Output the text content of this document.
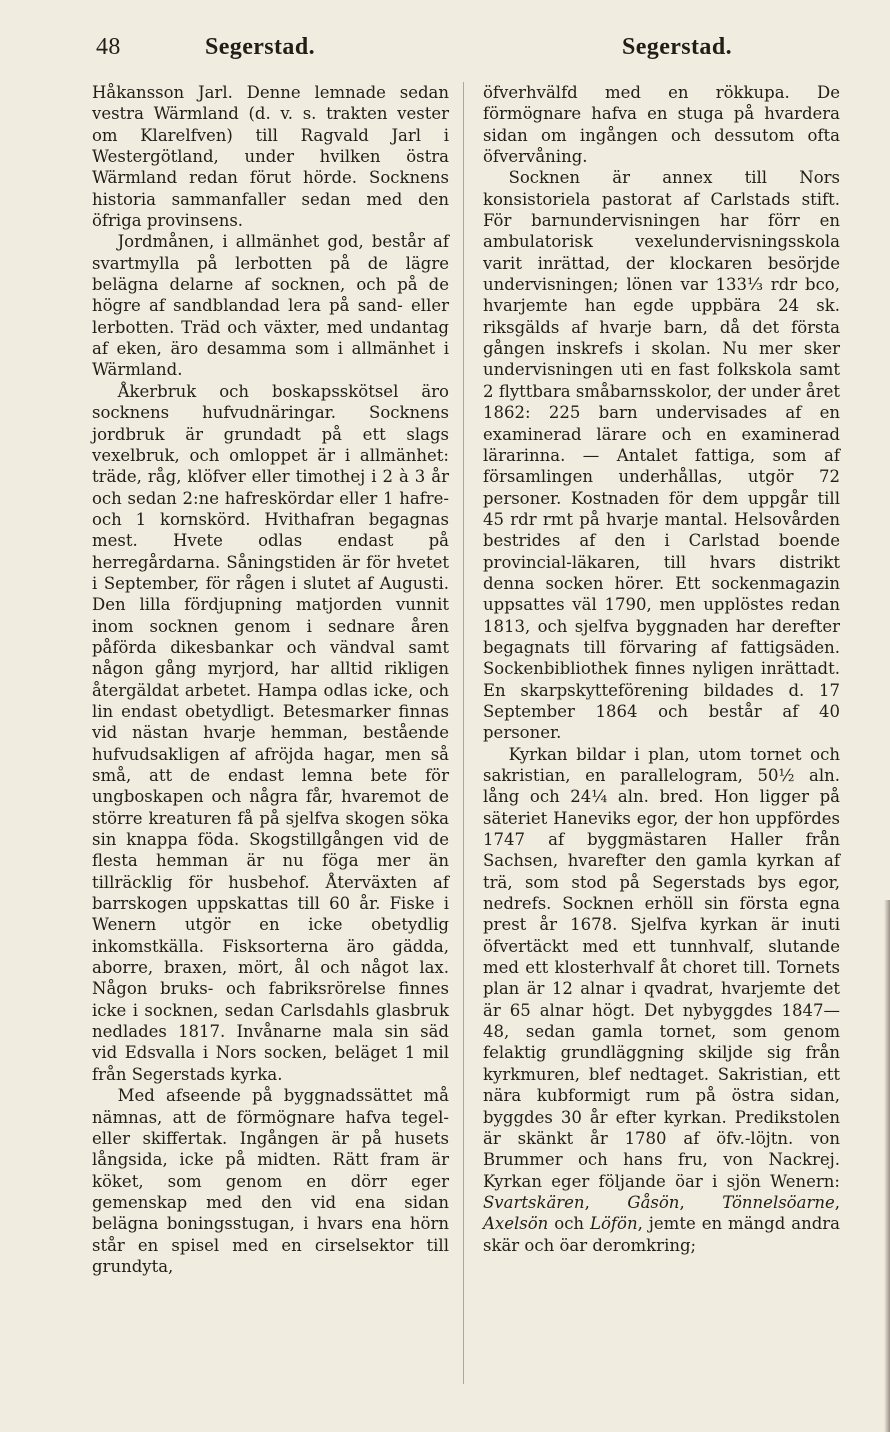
48	Segerstad.	Segerstad.

Håkansson Jarl. Denne lemnade sedan vestra Wärmland (d. v. s. trakten vester om Klarelfven) till Ragvald Jarl i Westergötland, under hvilken östra Wärmland redan förut hörde. Socknens historia sammanfaller sedan med den öfriga provinsens.

Jordmånen, i allmänhet god, består af svartmylla på lerbotten på de lägre belägna delarne af socknen, och på de högre af sandblandad lera på sand- eller lerbotten. Träd och växter, med undantag af eken, äro desamma som i allmänhet i Wärmland.

Åkerbruk och boskapsskötsel äro socknens hufvudnäringar. Socknens jordbruk är grundadt på ett slags vexelbruk, och omloppet är i allmänhet: träde, råg, klöfver eller timothej i 2 à 3 år och sedan 2:ne hafreskördar eller 1 hafre- och 1 kornskörd. Hvithafran begagnas mest. Hvete odlas endast på herregårdarna. Såningstiden är för hvetet i September, för rågen i slutet af Augusti. Den lilla fördjupning matjorden vunnit inom socknen genom i sednare åren påförda dikesbankar och vändval samt någon gång myrjord, har alltid rikligen återgäldat arbetet. Hampa odlas icke, och lin endast obetydligt. Betesmarker finnas vid nästan hvarje hemman, bestående hufvudsakligen af afröjda hagar, men så små, att de endast lemna bete för ungboskapen och några får, hvaremot de större kreaturen få på sjelfva skogen söka sin knappa föda. Skogstillgången vid de flesta hemman är nu föga mer än tillräcklig för husbehof. Återväxten af barrskogen uppskattas till 60 år. Fiske i Wenern utgör en icke obetydlig inkomstkälla. Fisksorterna äro gädda, aborre, braxen, mört, ål och något lax. Någon bruks- och fabriksrörelse finnes icke i socknen, sedan Carlsdahls glasbruk nedlades 1817. Invånarne mala sin säd vid Edsvalla i Nors socken, beläget 1 mil från Segerstads kyrka.

Med afseende på byggnadssättet må nämnas, att de förmögnare hafva tegel- eller skiffertak. Ingången är på husets långsida, icke på midten. Rätt fram är köket, som genom en dörr eger gemenskap med den vid ena sidan belägna boningsstugan, i hvars ena hörn står en spisel med en cirselsektor till grundyta,

öfverhvälfd med en rökkupa. De förmögnare hafva en stuga på hvardera sidan om ingången och dessutom ofta öfvervåning.

Socknen är annex till Nors konsistoriela pastorat af Carlstads stift. För barnundervisningen har förr en ambulatorisk vexelundervisningsskola varit inrättad, der klockaren besörjde undervisningen; lönen var 133⅓ rdr bco, hvarjemte han egde uppbära 24 sk. riksgälds af hvarje barn, då det första gången inskrefs i skolan. Nu mer sker undervisningen uti en fast folkskola samt 2 flyttbara småbarnsskolor, der under året 1862: 225 barn undervisades af en examinerad lärare och en examinerad lärarinna. — Antalet fattiga, som af församlingen underhållas, utgör 72 personer. Kostnaden för dem uppgår till 45 rdr rmt på hvarje mantal. Helsovården bestrides af den i Carlstad boende provincial-läkaren, till hvars distrikt denna socken hörer. Ett sockenmagazin uppsattes väl 1790, men upplöstes redan 1813, och sjelfva byggnaden har derefter begagnats till förvaring af fattigsäden. Sockenbibliothek finnes nyligen inrättadt. En skarpskytteförening bildades d. 17 September 1864 och består af 40 personer.

Kyrkan bildar i plan, utom tornet och sakristian, en parallelogram, 50½ aln. lång och 24¼ aln. bred. Hon ligger på säteriet Haneviks egor, der hon uppfördes 1747 af byggmästaren Haller från Sachsen, hvarefter den gamla kyrkan af trä, som stod på Segerstads bys egor, nedrefs. Socknen erhöll sin första egna prest år 1678. Sjelfva kyrkan är inuti öfvertäckt med ett tunnhvalf, slutande med ett klosterhvalf åt choret till. Tornets plan är 12 alnar i qvadrat, hvarjemte det är 65 alnar högt. Det nybyggdes 1847—48, sedan gamla tornet, som genom felaktig grundläggning skiljde sig från kyrkmuren, blef nedtaget. Sakristian, ett nära kubformigt rum på östra sidan, byggdes 30 år efter kyrkan. Predikstolen är skänkt år 1780 af öfv.-löjtn. von Brummer och hans fru, von Nackrej. Kyrkan eger följande öar i sjön Wenern: Svartskären, Gåsön, Tönnelsöarne, Axelsön och Löfön, jemte en mängd andra skär och öar deromkring;
